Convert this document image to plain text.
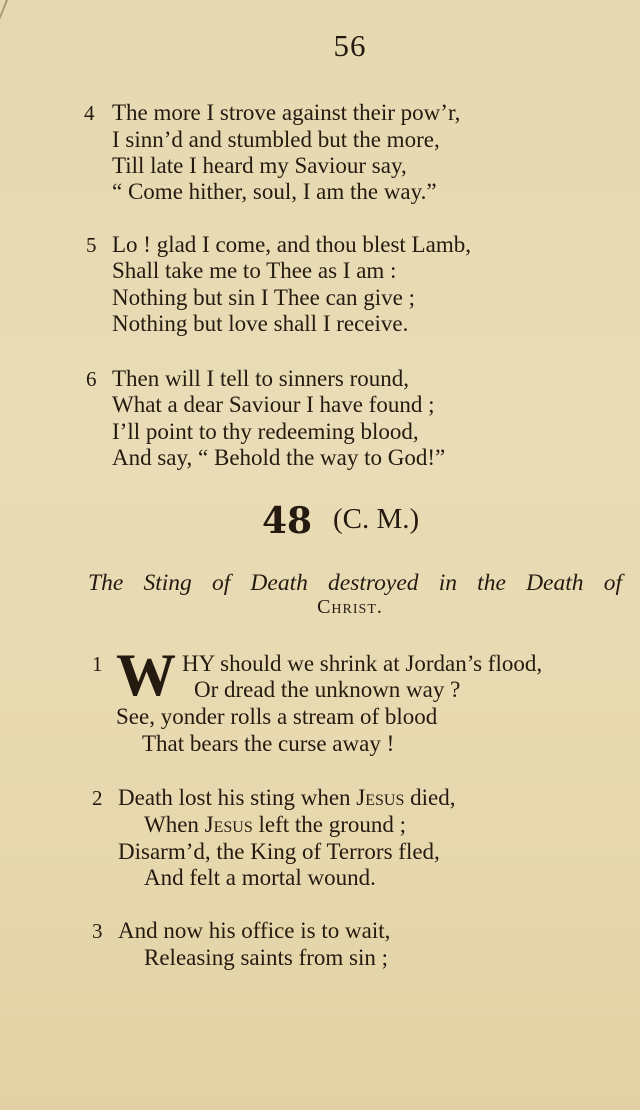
56
4 The more I strove against their pow’r,
I sinn’d and stumbled but the more,
Till late I heard my Saviour say,
“ Come hither, soul, I am the way.”
5 Lo ! glad I come, and thou blest Lamb,
Shall take me to Thee as I am :
Nothing but sin I Thee can give ;
Nothing but love shall I receive.
6 Then will I tell to sinners round,
What a dear Saviour I have found ;
I’ll point to thy redeeming blood,
And say, “ Behold the way to God!”
48 (C. M.)
The Sting of Death destroyed in the Death of
Christ.
1 W HY should we shrink at Jordan’s flood,
Or dread the unknown way ?
See, yonder rolls a stream of blood
That bears the curse away !
2 Death lost his sting when Jesus died,
When Jesus left the ground ;
Disarm’d, the King of Terrors fled,
And felt a mortal wound.
3 And now his office is to wait,
Releasing saints from sin ;
